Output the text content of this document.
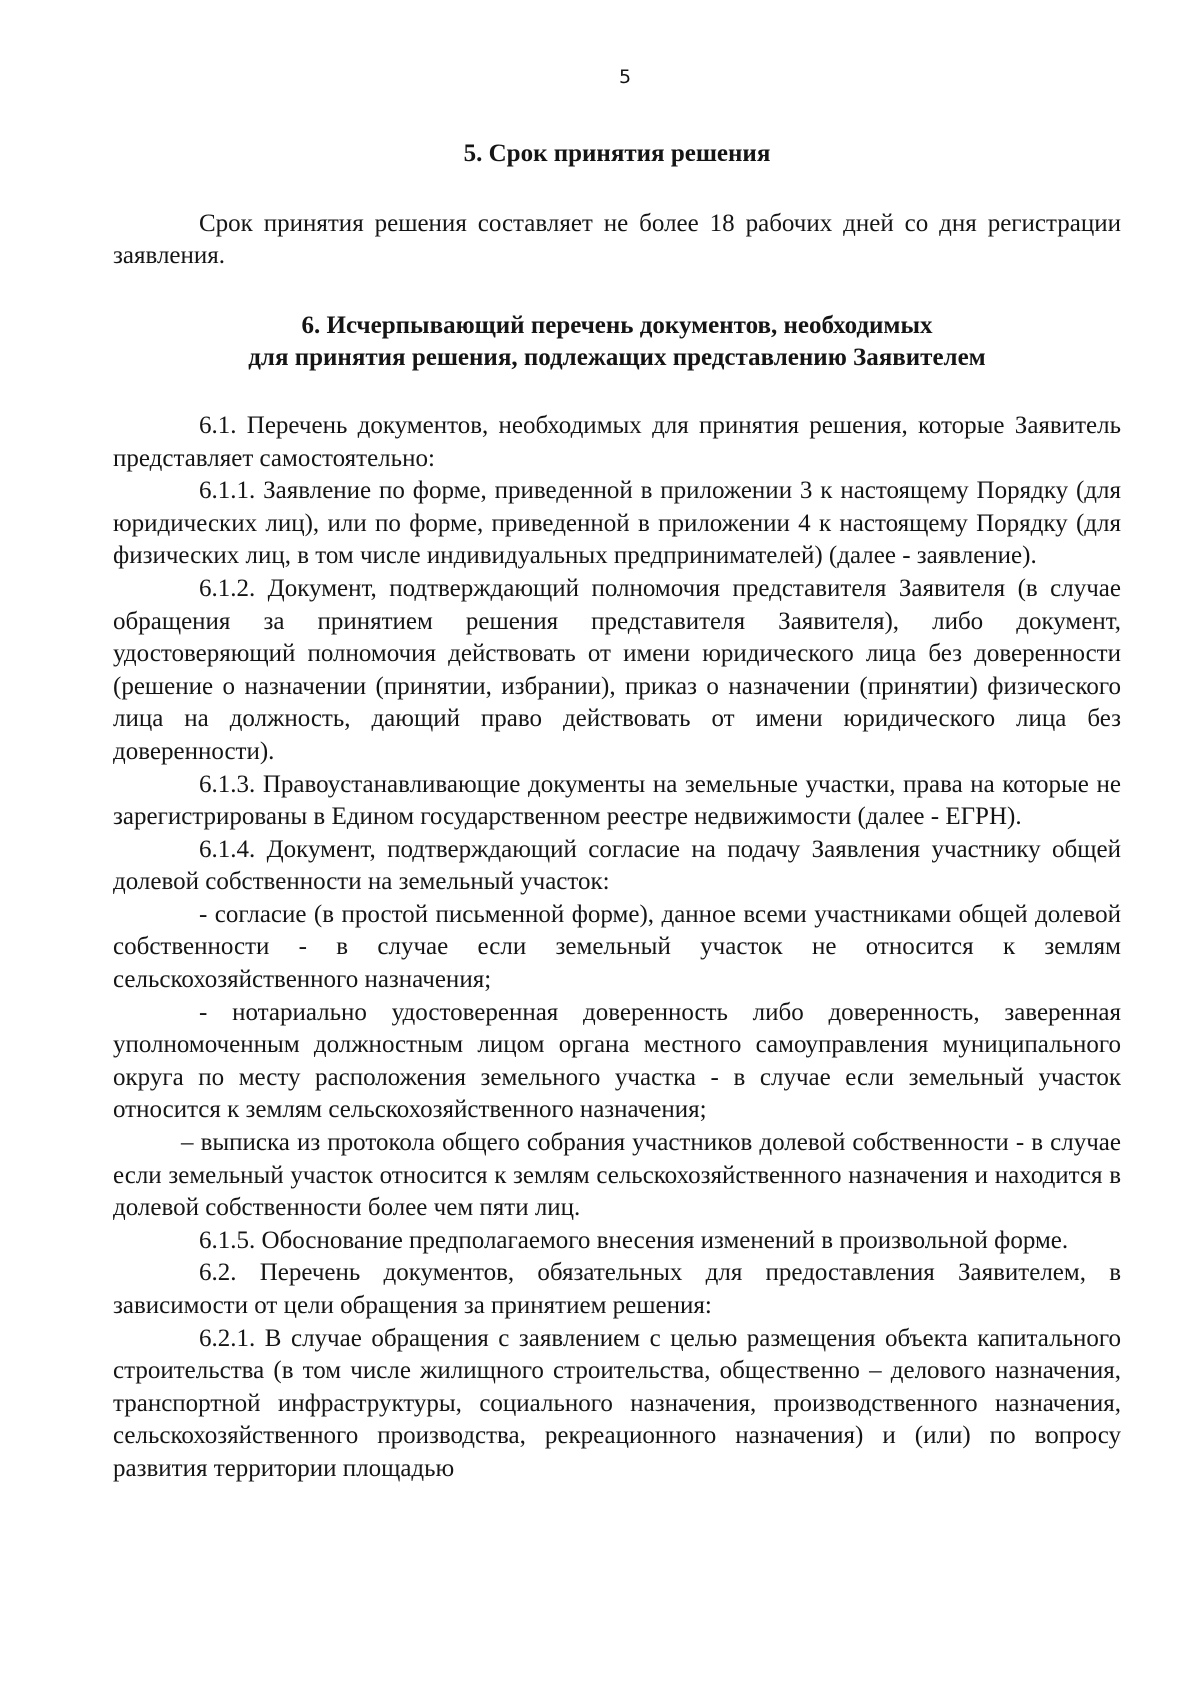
5

5. Срок принятия решения

Срок принятия решения составляет не более 18 рабочих дней со дня регистрации заявления.

6. Исчерпывающий перечень документов, необходимых

для принятия решения, подлежащих представлению Заявителем

6.1. Перечень документов, необходимых для принятия решения, которые Заявитель представляет самостоятельно:

6.1.1. Заявление по форме, приведенной в приложении 3 к настоящему Порядку (для юридических лиц), или по форме, приведенной в приложении 4 к настоящему Порядку (для физических лиц, в том числе индивидуальных предпринимателей) (далее - заявление).

6.1.2. Документ, подтверждающий полномочия представителя Заявителя (в случае обращения за принятием решения представителя Заявителя), либо документ, удостоверяющий полномочия действовать от имени юридического лица без доверенности (решение о назначении (принятии, избрании), приказ о назначении (принятии) физического лица на должность, дающий право действовать от имени юридического лица без доверенности).

6.1.3. Правоустанавливающие документы на земельные участки, права на которые не зарегистрированы в Едином государственном реестре недвижимости (далее - ЕГРН).

6.1.4. Документ, подтверждающий согласие на подачу Заявления участнику общей долевой собственности на земельный участок:

- согласие (в простой письменной форме), данное всеми участниками общей долевой собственности - в случае если земельный участок не относится к землям сельскохозяйственного назначения;

- нотариально удостоверенная доверенность либо доверенность, заверенная уполномоченным должностным лицом органа местного самоуправления муниципального округа по месту расположения земельного участка - в случае если земельный участок относится к землям сельскохозяйственного назначения;

– выписка из протокола общего собрания участников долевой собственности - в случае если земельный участок относится к землям сельскохозяйственного назначения и находится в долевой собственности более чем пяти лиц.

6.1.5. Обоснование предполагаемого внесения изменений в произвольной форме.

6.2. Перечень документов, обязательных для предоставления Заявителем, в зависимости от цели обращения за принятием решения:

6.2.1. В случае обращения с заявлением с целью размещения объекта капитального строительства (в том числе жилищного строительства, общественно – делового назначения, транспортной инфраструктуры, социального назначения, производственного назначения, сельскохозяйственного производства, рекреационного назначения) и (или) по вопросу развития территории площадью
